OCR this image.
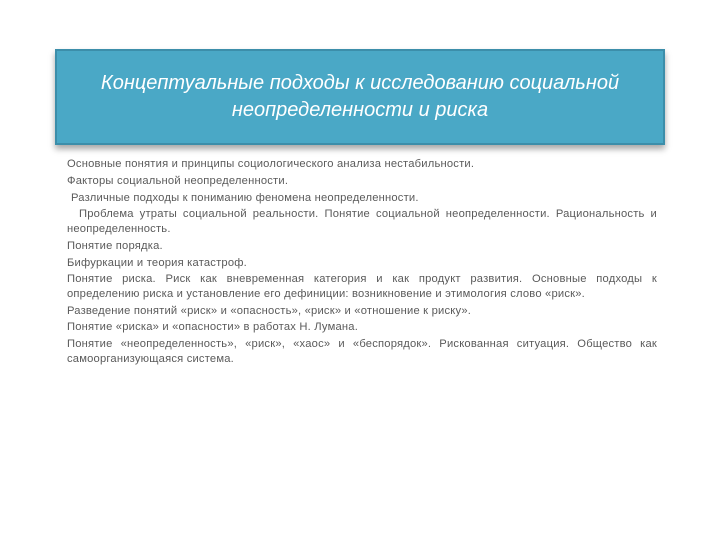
Концептуальные подходы к исследованию социальной неопределенности и риска

Основные понятия и принципы социологического анализа нестабильности.

Факторы социальной неопределенности.

Различные подходы к пониманию феномена неопределенности.

Проблема утраты социальной реальности. Понятие социальной неопределенности. Рациональность и неопределенность.

Понятие порядка.

Бифуркации и теория катастроф.

Понятие риска. Риск как вневременная категория и как продукт развития. Основные подходы к определению риска и установление его дефиниции: возникновение и этимология слово «риск».

Разведение понятий «риск» и «опасность», «риск» и «отношение к риску».

Понятие «риска» и «опасности» в работах Н. Лумана.

Понятие «неопределенность», «риск», «хаос» и «беспорядок». Рискованная ситуация. Общество как самоорганизующаяся система.
